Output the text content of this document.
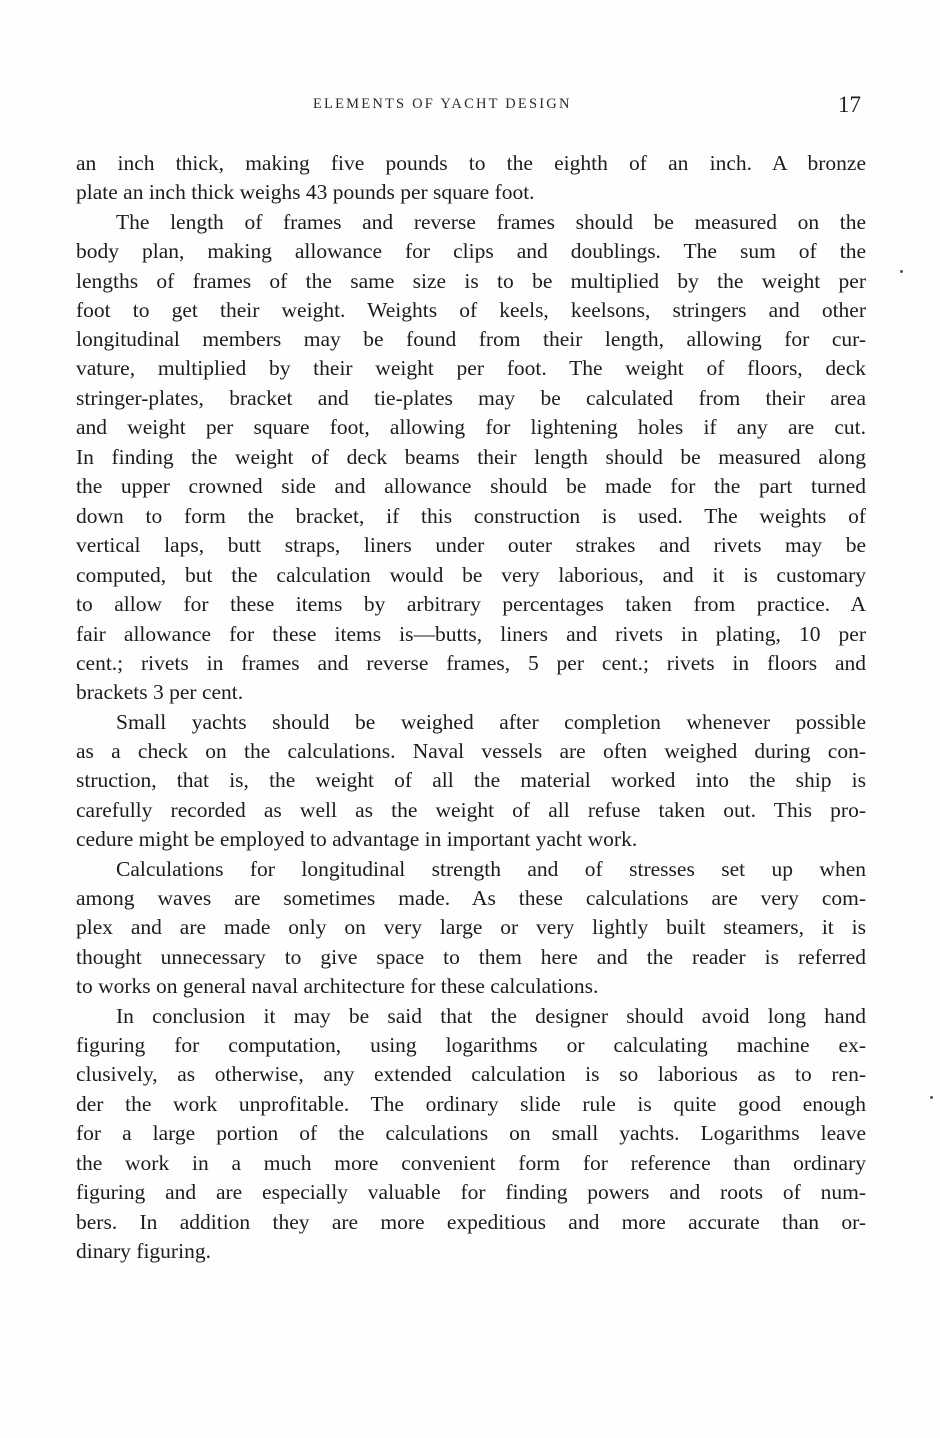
ELEMENTS OF YACHT DESIGN	17
an inch thick, making five pounds to the eighth of an inch. A bronze
plate an inch thick weighs 43 pounds per square foot.
The length of frames and reverse frames should be measured on the
body plan, making allowance for clips and doublings. The sum of the
lengths of frames of the same size is to be multiplied by the weight per
foot to get their weight. Weights of keels, keelsons, stringers and other
longitudinal members may be found from their length, allowing for cur-
vature, multiplied by their weight per foot. The weight of floors, deck
stringer-plates, bracket and tie-plates may be calculated from their area
and weight per square foot, allowing for lightening holes if any are cut.
In finding the weight of deck beams their length should be measured along
the upper crowned side and allowance should be made for the part turned
down to form the bracket, if this construction is used. The weights of
vertical laps, butt straps, liners under outer strakes and rivets may be
computed, but the calculation would be very laborious, and it is customary
to allow for these items by arbitrary percentages taken from practice. A
fair allowance for these items is—butts, liners and rivets in plating, 10 per
cent.; rivets in frames and reverse frames, 5 per cent.; rivets in floors and
brackets 3 per cent.
Small yachts should be weighed after completion whenever possible
as a check on the calculations. Naval vessels are often weighed during con-
struction, that is, the weight of all the material worked into the ship is
carefully recorded as well as the weight of all refuse taken out. This pro-
cedure might be employed to advantage in important yacht work.
Calculations for longitudinal strength and of stresses set up when
among waves are sometimes made. As these calculations are very com-
plex and are made only on very large or very lightly built steamers, it is
thought unnecessary to give space to them here and the reader is referred
to works on general naval architecture for these calculations.
In conclusion it may be said that the designer should avoid long hand
figuring for computation, using logarithms or calculating machine ex-
clusively, as otherwise, any extended calculation is so laborious as to ren-
der the work unprofitable. The ordinary slide rule is quite good enough
for a large portion of the calculations on small yachts. Logarithms leave
the work in a much more convenient form for reference than ordinary
figuring and are especially valuable for finding powers and roots of num-
bers. In addition they are more expeditious and more accurate than or-
dinary figuring.
